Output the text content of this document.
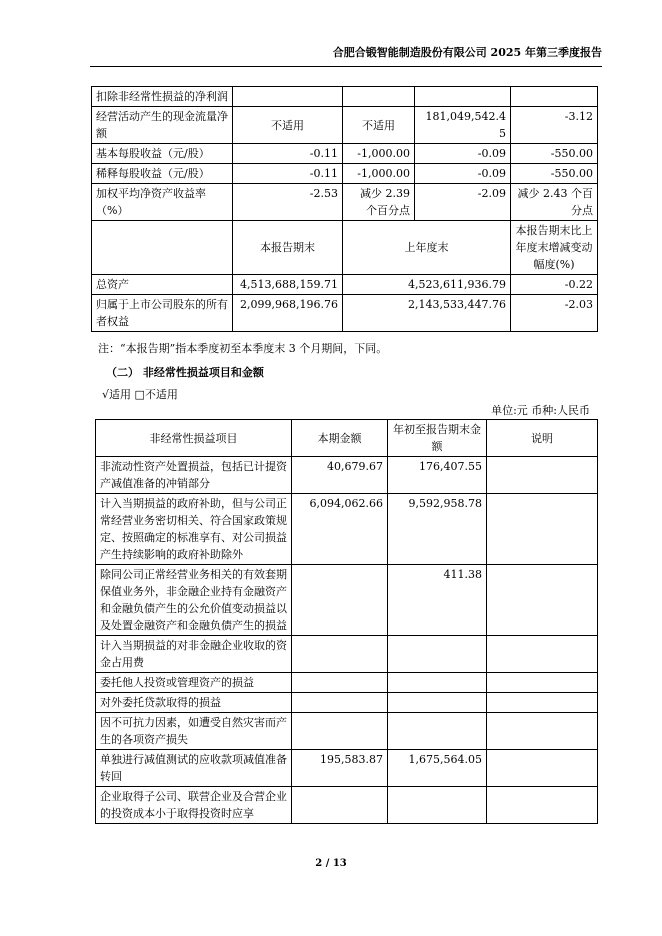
合肥合锻智能制造股份有限公司 2025 年第三季度报告
扣除非经常性损益的净利润				
经营活动产生的现金流量净额	不适用	不适用	181,049,542.45	-3.12
基本每股收益（元/股）	-0.11	-1,000.00	-0.09	-550.00
稀释每股收益（元/股）	-0.11	-1,000.00	-0.09	-550.00
加权平均净资产收益率（%）	-2.53	减少 2.39 个百分点	-2.09	减少 2.43 个百分点
	本报告期末	上年度末		本报告期末比上年度末增减变动幅度(%)
总资产	4,513,688,159.71	4,523,611,936.79		-0.22
归属于上市公司股东的所有者权益	2,099,968,196.76	2,143,533,447.76		-2.03
注：“本报告期”指本季度初至本季度末 3 个月期间，下同。
（二） 非经常性损益项目和金额
√适用 □不适用
单位:元 币种:人民币
非经常性损益项目	本期金额	年初至报告期末金额	说明
非流动性资产处置损益，包括已计提资产减值准备的冲销部分	40,679.67	176,407.55	
计入当期损益的政府补助，但与公司正常经营业务密切相关、符合国家政策规定、按照确定的标准享有、对公司损益产生持续影响的政府补助除外	6,094,062.66	9,592,958.78	
除同公司正常经营业务相关的有效套期保值业务外，非金融企业持有金融资产和金融负债产生的公允价值变动损益以及处置金融资产和金融负债产生的损益		411.38	
计入当期损益的对非金融企业收取的资金占用费			
委托他人投资或管理资产的损益			
对外委托贷款取得的损益			
因不可抗力因素，如遭受自然灾害而产生的各项资产损失			
单独进行减值测试的应收款项减值准备转回	195,583.87	1,675,564.05	
企业取得子公司、联营企业及合营企业的投资成本小于取得投资时应享			
2 / 13
